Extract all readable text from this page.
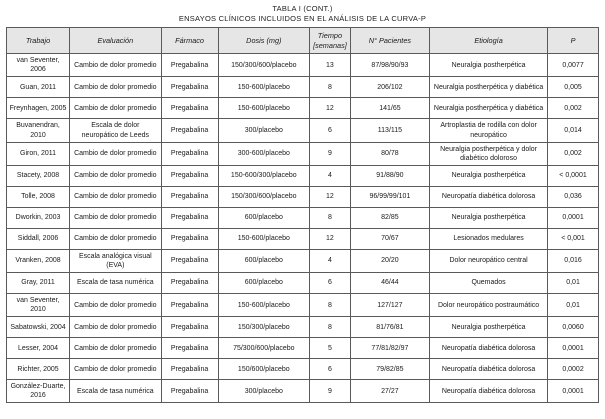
TABLA I (CONT.)
ENSAYOS CLÍNICOS INCLUIDOS EN EL ANÁLISIS DE LA CURVA-P
Trabajo	Evaluación	Fármaco	Dosis (mg)	Tiempo [semanas]	N° Pacientes	Etiología	P
van Seventer, 2006	Cambio de dolor promedio	Pregabalina	150/300/600/placebo	13	87/98/90/93	Neuralgia postherpética	0,0077
Guan, 2011	Cambio de dolor promedio	Pregabalina	150-600/placebo	8	206/102	Neuralgia postherpética y diabética	0,005
Freynhagen, 2005	Cambio de dolor promedio	Pregabalina	150-600/placebo	12	141/65	Neuralgia postherpética y diabética	0,002
Buvanendran, 2010	Escala de dolor neuropático de Leeds	Pregabalina	300/placebo	6	113/115	Artroplastia de rodilla con dolor neuropático	0,014
Giron, 2011	Cambio de dolor promedio	Pregabalina	300-600/placebo	9	80/78	Neuralgia postherpética y dolor diabético doloroso	0,002
Stacety, 2008	Cambio de dolor promedio	Pregabalina	150-600/300/placebo	4	91/88/90	Neuralgia postherpética	< 0,0001
Tolle, 2008	Cambio de dolor promedio	Pregabalina	150/300/600/placebo	12	96/99/99/101	Neuropatía diabética dolorosa	0,036
Dworkin, 2003	Cambio de dolor promedio	Pregabalina	600/placebo	8	82/85	Neuralgia postherpética	0,0001
Siddall, 2006	Cambio de dolor promedio	Pregabalina	150-600/placebo	12	70/67	Lesionados medulares	< 0,001
Vranken, 2008	Escala analógica visual (EVA)	Pregabalina	600/placebo	4	20/20	Dolor neuropático central	0,016
Gray, 2011	Escala de tasa numérica	Pregabalina	600/placebo	6	46/44	Quemados	0,01
van Seventer, 2010	Cambio de dolor promedio	Pregabalina	150-600/placebo	8	127/127	Dolor neuropático postraumático	0,01
Sabatowski, 2004	Cambio de dolor promedio	Pregabalina	150/300/placebo	8	81/76/81	Neuralgia postherpética	0,0060
Lesser, 2004	Cambio de dolor promedio	Pregabalina	75/300/600/placebo	5	77/81/82/97	Neuropatía diabética dolorosa	0,0001
Richter, 2005	Cambio de dolor promedio	Pregabalina	150/600/placebo	6	79/82/85	Neuropatía diabética dolorosa	0,0002
González-Duarte, 2016	Escala de tasa numérica	Pregabalina	300/placebo	9	27/27	Neuropatía diabética dolorosa	0,0001
